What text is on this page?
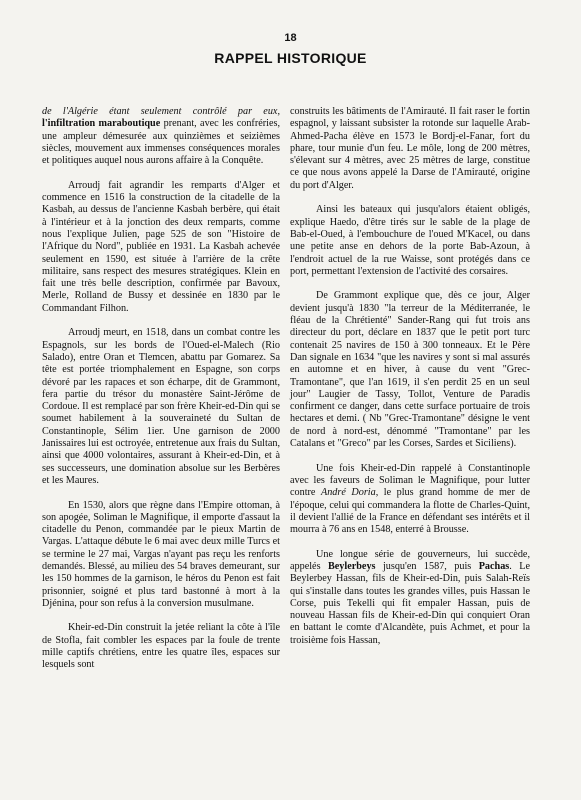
18
RAPPEL HISTORIQUE

de l'Algérie étant seulement contrôlé par eux, l'infiltration maraboutique prenant, avec les confréries, une ampleur démesurée aux quinzièmes et seizièmes siècles, mouvement aux immenses conséquences morales et politiques auquel nous aurons affaire à la Conquête.

Arroudj fait agrandir les remparts d'Alger et commence en 1516 la construction de la citadelle de la Kasbah, au dessus de l'ancienne Kasbah berbère, qui était à l'intérieur et à la jonction des deux remparts, comme nous l'explique Julien, page 525 de son "Histoire de l'Afrique du Nord", publiée en 1931. La Kasbah achevée seulement en 1590, est située à l'arrière de la crête militaire, sans respect des mesures stratégiques. Klein en fait une très belle description, confirmée par Bavoux, Merle, Rolland de Bussy et dessinée en 1830 par le Commandant Filhon.

Arroudj meurt, en 1518, dans un combat contre les Espagnols, sur les bords de l'Oued-el-Malech (Rio Salado), entre Oran et Tlemcen, abattu par Gomarez. Sa tête est portée triomphalement en Espagne, son corps dévoré par les rapaces et son écharpe, dit de Grammont, fera partie du trésor du monastère Saint-Jérôme de Cordoue. Il est remplacé par son frère Kheir-ed-Din qui se soumet habilement à la souveraineté du Sultan de Constantinople, Sélim 1ier. Une garnison de 2000 Janissaires lui est octroyée, entretenue aux frais du Sultan, ainsi que 4000 volontaires, assurant à Kheir-ed-Din, et à ses successeurs, une domination absolue sur les Berbères et les Maures.

En 1530, alors que règne dans l'Empire ottoman, à son apogée, Soliman le Magnifique, il emporte d'assaut la citadelle du Penon, commandée par le pieux Martin de Vargas. L'attaque débute le 6 mai avec deux mille Turcs et se termine le 27 mai, Vargas n'ayant pas reçu les renforts demandés. Blessé, au milieu des 54 braves demeurant, sur les 150 hommes de la garnison, le héros du Penon est fait prisonnier, soigné et plus tard bastonné à mort à la Djénina, pour son refus à la conversion musulmane.

Kheir-ed-Din construit la jetée reliant la côte à l'île de Stofla, fait combler les espaces par la foule de trente mille captifs chrétiens, entre les quatre îles, espaces sur lesquels sont

construits les bâtiments de l'Amirauté. Il fait raser le fortin espagnol, y laissant subsister la rotonde sur laquelle Arab-Ahmed-Pacha élève en 1573 le Bordj-el-Fanar, fort du phare, tour munie d'un feu. Le môle, long de 200 mètres, s'élevant sur 4 mètres, avec 25 mètres de large, constitue ce que nous avons appelé la Darse de l'Amirauté, origine du port d'Alger.

Ainsi les bateaux qui jusqu'alors étaient obligés, explique Haedo, d'être tirés sur le sable de la plage de Bab-el-Oued, à l'embouchure de l'oued M'Kacel, ou dans une petite anse en dehors de la porte Bab-Azoun, à l'endroit actuel de la rue Waisse, sont protégés dans ce port, permettant l'extension de l'activité des corsaires.

De Grammont explique que, dès ce jour, Alger devient jusqu'à 1830 "la terreur de la Méditerranée, le fléau de la Chrétienté" Sander-Rang qui fut trois ans directeur du port, déclare en 1837 que le petit port turc contenait 25 navires de 150 à 300 tonneaux. Et le Père Dan signale en 1634 "que les navires y sont si mal assurés en automne et en hiver, à cause du vent "Grec-Tramontane", que l'an 1619, il s'en perdit 25 en un seul jour" Laugier de Tassy, Tollot, Venture de Paradis confirment ce danger, dans cette surface portuaire de trois hectares et demi. ( Nb "Grec-Tramontane" désigne le vent de nord à nord-est, dénommé "Tramontane" par les Catalans et "Greco" par les Corses, Sardes et Siciliens).

Une fois Kheir-ed-Din rappelé à Constantinople avec les faveurs de Soliman le Magnifique, pour lutter contre André Doria, le plus grand homme de mer de l'époque, celui qui commandera la flotte de Charles-Quint, il devient l'allié de la France en défendant ses intérêts et il mourra à 76 ans en 1548, enterré à Brousse.

Une longue série de gouverneurs, lui succède, appelés Beylerbeys jusqu'en 1587, puis Pachas. Le Beylerbey Hassan, fils de Kheir-ed-Din, puis Salah-Reïs qui s'installe dans toutes les grandes villes, puis Hassan le Corse, puis Tekelli qui fit empaler Hassan, puis de nouveau Hassan fils de Kheir-ed-Din qui conquiert Oran en battant le comte d'Alcandète, puis Achmet, et pour la troisième fois Hassan,
